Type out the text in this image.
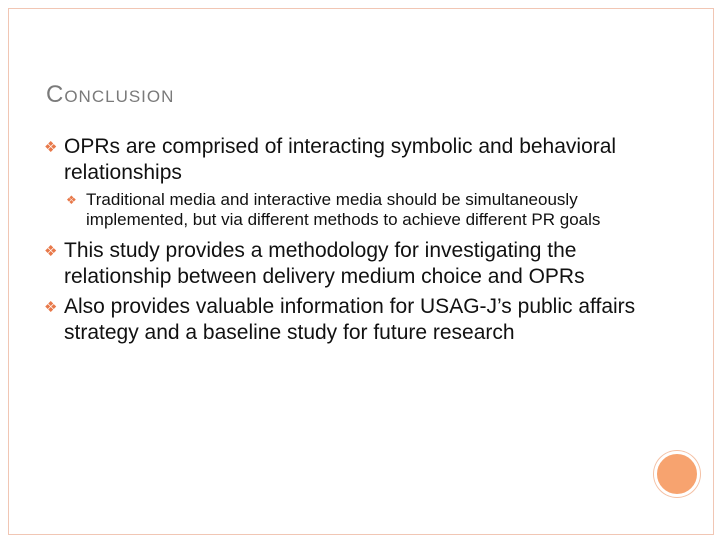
Conclusion
❖ OPRs are comprised of interacting symbolic and behavioral relationships
❖ Traditional media and interactive media should be simultaneously implemented, but via different methods to achieve different PR goals
❖ This study provides a methodology for investigating the relationship between delivery medium choice and OPRs
❖ Also provides valuable information for USAG-J’s public affairs strategy and a baseline study for future research
